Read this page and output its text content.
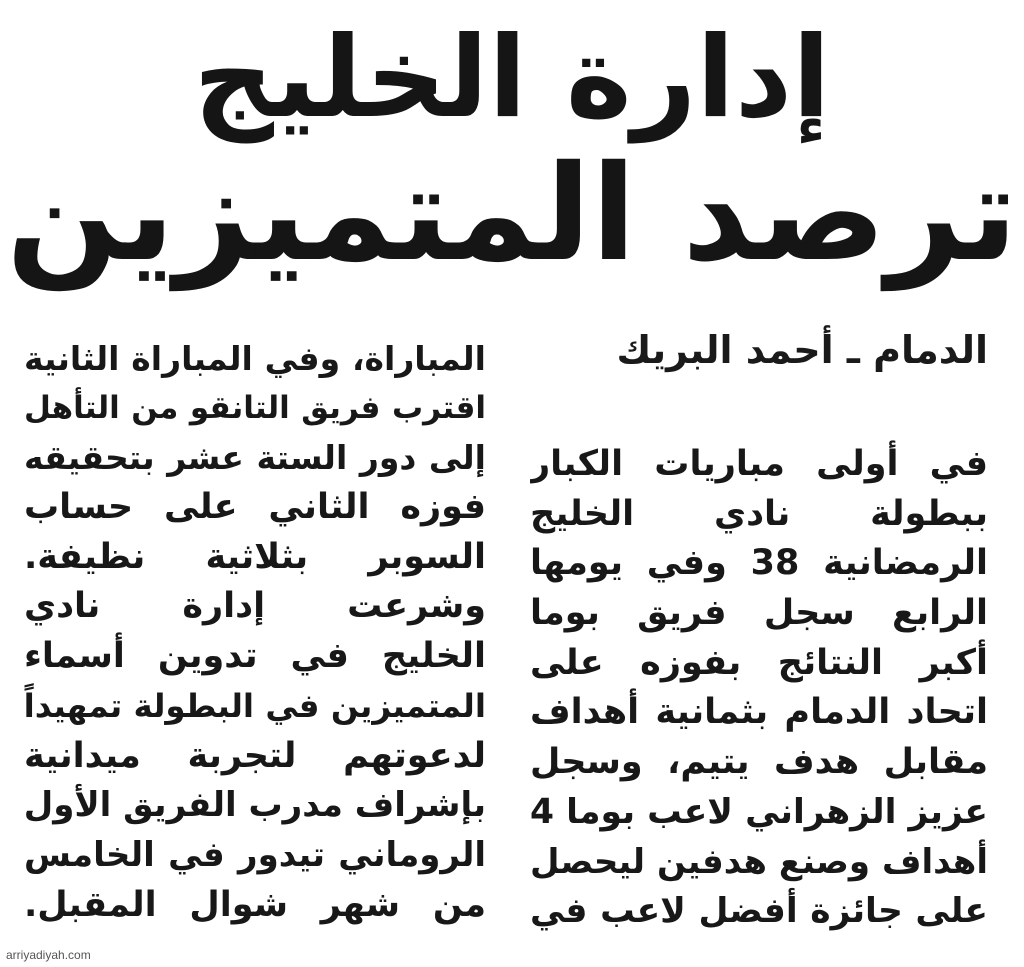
إدارة الخليج
ترصد المتميزين
الدمام ـ أحمد البريك
في أولى مباريات الكبار
ببطولة نادي الخليج
الرمضانية 38 وفي يومها
الرابع سجل فريق بوما
أكبر النتائج بفوزه على
اتحاد الدمام بثمانية أهداف
مقابل هدف يتيم، وسجل
عزيز الزهراني لاعب بوما 4
أهداف وصنع هدفين ليحصل
على جائزة أفضل لاعب في
المباراة، وفي المباراة الثانية
اقترب فريق التانقو من التأهل
إلى دور الستة عشر بتحقيقه
فوزه الثاني على حساب
السوبر بثلاثية نظيفة.
وشرعت إدارة نادي
الخليج في تدوين أسماء
المتميزين في البطولة تمهيداً
لدعوتهم لتجربة ميدانية
بإشراف مدرب الفريق الأول
الروماني تيدور في الخامس
من شهر شوال المقبل.
arriyadiyah.com
